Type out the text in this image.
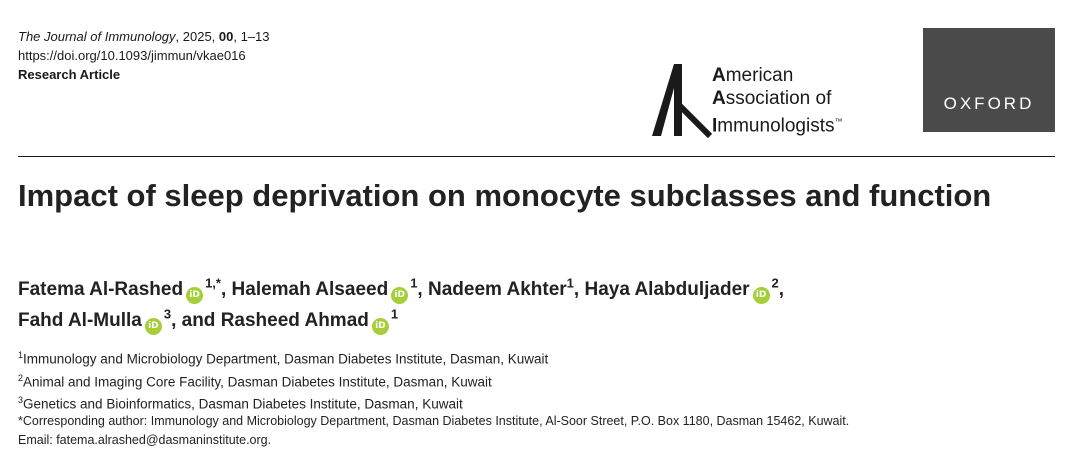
The Journal of Immunology, 2025, 00, 1–13
https://doi.org/10.1093/jimmun/vkae016
Research Article	American
Association of
Immunologists™
OXFORD
Impact of sleep deprivation on monocyte subclasses and function
Fatema Al-Rashed $iD^{1,*}$, Halemah Alsaeed $iD^1$, Nadeem Akhter$^1$, Haya Alabduljader $iD^2$,
Fahd Al-Mulla $iD^3$, and Rasheed Ahmad $iD^1$
$^1$Immunology and Microbiology Department, Dasman Diabetes Institute, Dasman, Kuwait
$^2$Animal and Imaging Core Facility, Dasman Diabetes Institute, Dasman, Kuwait
$^3$Genetics and Bioinformatics, Dasman Diabetes Institute, Dasman, Kuwait
*Corresponding author: Immunology and Microbiology Department, Dasman Diabetes Institute, Al-Soor Street, P.O. Box 1180, Dasman 15462, Kuwait.
Email: fatema.alrashed@dasmaninstitute.org.
